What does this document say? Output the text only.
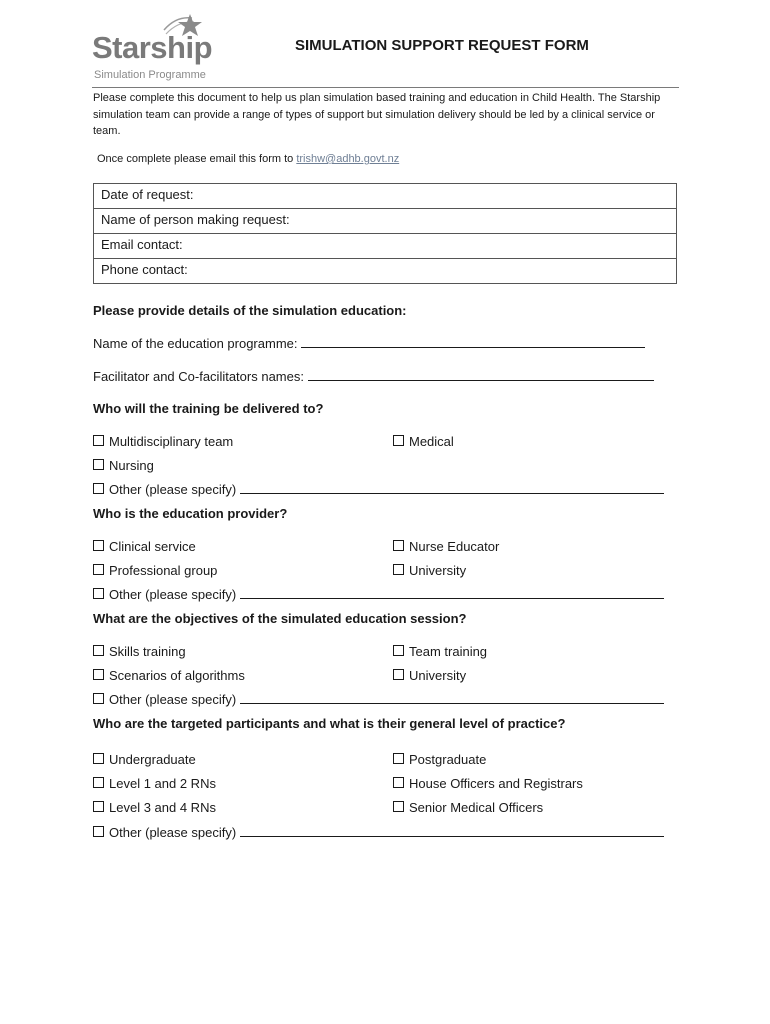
Starship
Simulation Programme
SIMULATION SUPPORT REQUEST FORM
Please complete this document to help us plan simulation based training and education in Child Health. The Starship simulation team can provide a range of types of support but simulation delivery should be led by a clinical service or team.
Once complete please email this form to trishw@adhb.govt.nz
Date of request:
Name of person making request:
Email contact:
Phone contact:
Please provide details of the simulation education:
Name of the education programme:
Facilitator and Co-facilitators names:
Who will the training be delivered to?
Multidisciplinary team	Medical
Nursing
Other (please specify)
Who is the education provider?
Clinical service	Nurse Educator
Professional group	University
Other (please specify)
What are the objectives of the simulated education session?
Skills training	Team training
Scenarios of algorithms	University
Other (please specify)
Who are the targeted participants and what is their general level of practice?
Undergraduate	Postgraduate
Level 1 and 2 RNs	House Officers and Registrars
Level 3 and 4 RNs	Senior Medical Officers
Other (please specify)
